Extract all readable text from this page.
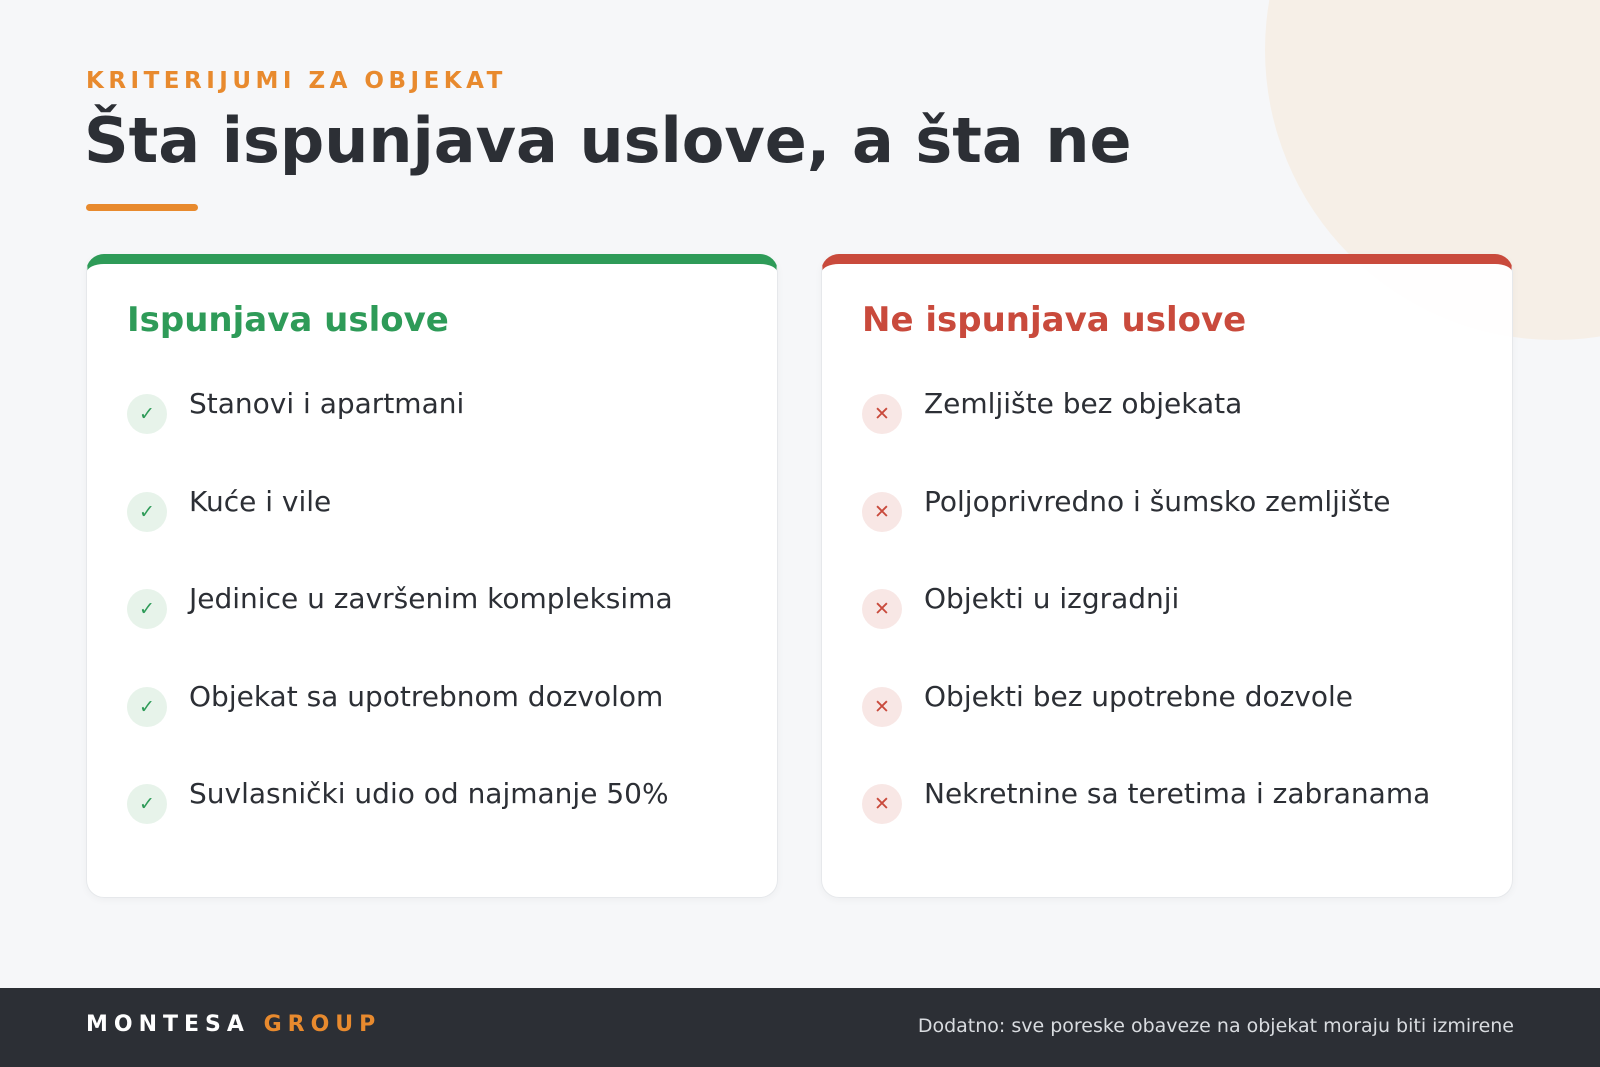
KRITERIJUMI ZA OBJEKAT
Šta ispunjava uslove, a šta ne
Ispunjava uslove
✓	Stanovi i apartmani
✓	Kuće i vile
✓	Jedinice u završenim kompleksima
✓	Objekat sa upotrebnom dozvolom
✓	Suvlasnički udio od najmanje 50%
Ne ispunjava uslove
✕	Zemljište bez objekata
✕	Poljoprivredno i šumsko zemljište
✕	Objekti u izgradnji
✕	Objekti bez upotrebne dozvole
✕	Nekretnine sa teretima i zabranama
MONTESA GROUP	Dodatno: sve poreske obaveze na objekat moraju biti izmirene
